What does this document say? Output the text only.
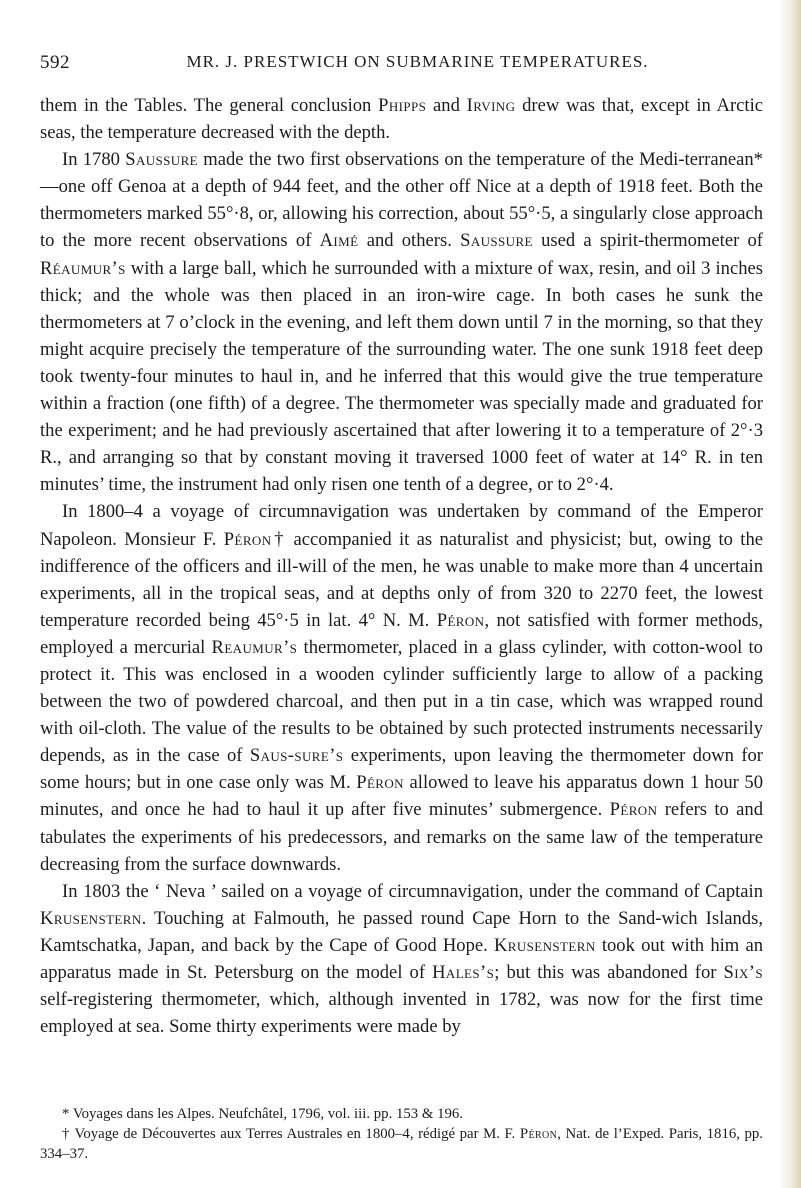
592	MR. J. PRESTWICH ON SUBMARINE TEMPERATURES.

them in the Tables. The general conclusion Phipps and Irving drew was that, except in Arctic seas, the temperature decreased with the depth.

In 1780 Saussure made the two first observations on the temperature of the Medi-terranean*—one off Genoa at a depth of 944 feet, and the other off Nice at a depth of 1918 feet. Both the thermometers marked 55°·8, or, allowing his correction, about 55°·5, a singularly close approach to the more recent observations of Aimé and others. Saussure used a spirit-thermometer of Réaumur’s with a large ball, which he surrounded with a mixture of wax, resin, and oil 3 inches thick; and the whole was then placed in an iron-wire cage. In both cases he sunk the thermometers at 7 o’clock in the evening, and left them down until 7 in the morning, so that they might acquire precisely the temperature of the surrounding water. The one sunk 1918 feet deep took twenty-four minutes to haul in, and he inferred that this would give the true temperature within a fraction (one fifth) of a degree. The thermometer was specially made and graduated for the experiment; and he had previously ascertained that after lowering it to a temperature of 2°·3 R., and arranging so that by constant moving it traversed 1000 feet of water at 14° R. in ten minutes’ time, the instrument had only risen one tenth of a degree, or to 2°·4.

In 1800–4 a voyage of circumnavigation was undertaken by command of the Emperor Napoleon. Monsieur F. Péron† accompanied it as naturalist and physicist; but, owing to the indifference of the officers and ill-will of the men, he was unable to make more than 4 uncertain experiments, all in the tropical seas, and at depths only of from 320 to 2270 feet, the lowest temperature recorded being 45°·5 in lat. 4° N. M. Péron, not satisfied with former methods, employed a mercurial Reaumur’s thermometer, placed in a glass cylinder, with cotton-wool to protect it. This was enclosed in a wooden cylinder sufficiently large to allow of a packing between the two of powdered charcoal, and then put in a tin case, which was wrapped round with oil-cloth. The value of the results to be obtained by such protected instruments necessarily depends, as in the case of Saus-sure’s experiments, upon leaving the thermometer down for some hours; but in one case only was M. Péron allowed to leave his apparatus down 1 hour 50 minutes, and once he had to haul it up after five minutes’ submergence. Péron refers to and tabulates the experiments of his predecessors, and remarks on the same law of the temperature decreasing from the surface downwards.

In 1803 the ‘ Neva ’ sailed on a voyage of circumnavigation, under the command of Captain Krusenstern. Touching at Falmouth, he passed round Cape Horn to the Sand-wich Islands, Kamtschatka, Japan, and back by the Cape of Good Hope. Krusenstern took out with him an apparatus made in St. Petersburg on the model of Hales’s; but this was abandoned for Six’s self-registering thermometer, which, although invented in 1782, was now for the first time employed at sea. Some thirty experiments were made by

* Voyages dans les Alpes. Neufchâtel, 1796, vol. iii. pp. 153 & 196.

† Voyage de Découvertes aux Terres Australes en 1800–4, rédigé par M. F. Péron, Nat. de l’Exped. Paris, 1816, pp. 334–37.
